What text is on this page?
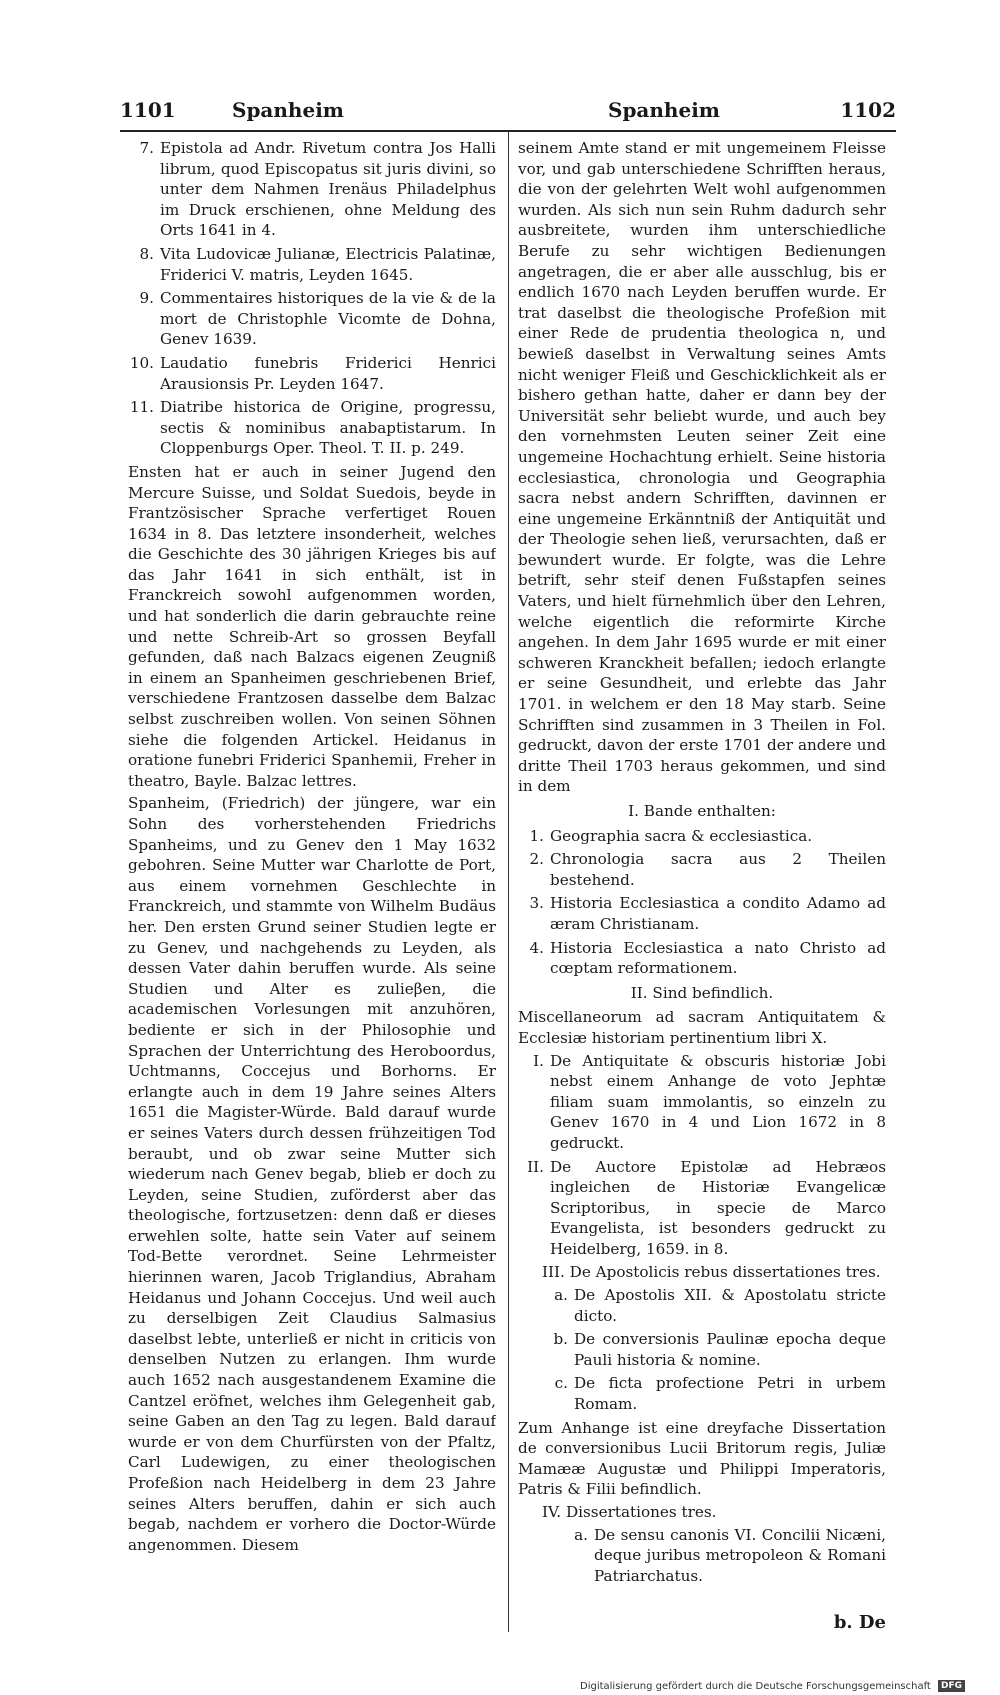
1101	Spanheim	Spanheim	1102
7. Epistola ad Andr. Rivetum contra Jos Halli librum, quod Episcopatus sit juris divini, so unter dem Nahmen Irenäus Philadelphus im Druck erschienen, ohne Meldung des Orts 1641 in 4.
8. Vita Ludovicæ Julianæ, Electricis Palatinæ, Friderici V. matris, Leyden 1645.
9. Commentaires historiques de la vie & de la mort de Christophle Vicomte de Dohna, Genev 1639.
10. Laudatio funebris Friderici Henrici Arausionsis Pr. Leyden 1647.
11. Diatribe historica de Origine, progressu, sectis & nominibus anabaptistarum. In Cloppenburgs Oper. Theol. T. II. p. 249.

Ensten hat er auch in seiner Jugend den Mercure Suisse, und Soldat Suedois, beyde in Frantzösischer Sprache verfertiget Rouen 1634 in 8. Das letztere insonderheit, welches die Geschichte des 30 jährigen Krieges bis auf das Jahr 1641 in sich enthält, ist in Franckreich sowohl aufgenommen worden, und hat sonderlich die darin gebrauchte reine und nette Schreib-Art so grossen Beyfall gefunden, daß nach Balzacs eigenen Zeugniß in einem an Spanheimen geschriebenen Brief, verschiedene Frantzosen dasselbe dem Balzac selbst zuschreiben wollen. Von seinen Söhnen siehe die folgenden Artickel. Heidanus in oratione funebri Friderici Spanhemii, Freher in theatro, Bayle. Balzac lettres.

Spanheim, (Friedrich) der jüngere, war ein Sohn des vorherstehenden Friedrichs Spanheims, und zu Genev den 1 May 1632 gebohren. Seine Mutter war Charlotte de Port, aus einem vornehmen Geschlechte in Franckreich, und stammte von Wilhelm Budäus her. Den ersten Grund seiner Studien legte er zu Genev, und nachgehends zu Leyden, als dessen Vater dahin beruffen wurde. Als seine Studien und Alter es zulieβen, die academischen Vorlesungen mit anzuhören, bediente er sich in der Philosophie und Sprachen der Unterrichtung des Heroboordus, Uchtmanns, Coccejus und Borhorns. Er erlangte auch in dem 19 Jahre seines Alters 1651 die Magister-Würde. Bald darauf wurde er seines Vaters durch dessen frühzeitigen Tod beraubt, und ob zwar seine Mutter sich wiederum nach Genev begab, blieb er doch zu Leyden, seine Studien, zuförderst aber das theologische, fortzusetzen: denn daß er dieses erwehlen solte, hatte sein Vater auf seinem Tod-Bette verordnet. Seine Lehrmeister hierinnen waren, Jacob Triglandius, Abraham Heidanus und Johann Coccejus. Und weil auch zu derselbigen Zeit Claudius Salmasius daselbst lebte, unterließ er nicht in criticis von denselben Nutzen zu erlangen. Ihm wurde auch 1652 nach ausgestandenem Examine die Cantzel eröfnet, welches ihm Gelegenheit gab, seine Gaben an den Tag zu legen. Bald darauf wurde er von dem Churfürsten von der Pfaltz, Carl Ludewigen, zu einer theologischen Profeßion nach Heidelberg in dem 23 Jahre seines Alters beruffen, dahin er sich auch begab, nachdem er vorhero die Doctor-Würde angenommen. Diesem

seinem Amte stand er mit ungemeinem Fleisse vor, und gab unterschiedene Schrifften heraus, die von der gelehrten Welt wohl aufgenommen wurden. Als sich nun sein Ruhm dadurch sehr ausbreitete, wurden ihm unterschiedliche Berufe zu sehr wichtigen Bedienungen angetragen, die er aber alle ausschlug, bis er endlich 1670 nach Leyden beruffen wurde. Er trat daselbst die theologische Profeßion mit einer Rede de prudentia theologica n, und bewieß daselbst in Verwaltung seines Amts nicht weniger Fleiß und Geschicklichkeit als er bishero gethan hatte, daher er dann bey der Universität sehr beliebt wurde, und auch bey den vornehmsten Leuten seiner Zeit eine ungemeine Hochachtung erhielt. Seine historia ecclesiastica, chronologia und Geographia sacra nebst andern Schrifften, davinnen er eine ungemeine Erkänntniß der Antiquität und der Theologie sehen ließ, verursachten, daß er bewundert wurde. Er folgte, was die Lehre betrift, sehr steif denen Fußstapfen seines Vaters, und hielt fürnehmlich über den Lehren, welche eigentlich die reformirte Kirche angehen. In dem Jahr 1695 wurde er mit einer schweren Kranckheit befallen; iedoch erlangte er seine Gesundheit, und erlebte das Jahr 1701. in welchem er den 18 May starb. Seine Schrifften sind zusammen in 3 Theilen in Fol. gedruckt, davon der erste 1701 der andere und dritte Theil 1703 heraus gekommen, und sind in dem

I. Bande enthalten:
1. Geographia sacra & ecclesiastica.
2. Chronologia sacra aus 2 Theilen bestehend.
3. Historia Ecclesiastica a condito Adamo ad æram Christianam.
4. Historia Ecclesiastica a nato Christo ad cœptam reformationem.
II. Sind befindlich.

Miscellaneorum ad sacram Antiquitatem & Ecclesiæ historiam pertinentium libri X.

I. De Antiquitate & obscuris historiæ Jobi nebst einem Anhange de voto Jephtæ filiam suam immolantis, so einzeln zu Genev 1670 in 4 und Lion 1672 in 8 gedruckt.
II. De Auctore Epistolæ ad Hebræos ingleichen de Historiæ Evangelicæ Scriptoribus, in specie de Marco Evangelista, ist besonders gedruckt zu Heidelberg, 1659. in 8.
III. De Apostolicis rebus dissertationes tres.
a. De Apostolis XII. & Apostolatu stricte dicto.
b. De conversionis Paulinæ epocha deque Pauli historia & nomine.
c. De ficta profectione Petri in urbem Romam.

Zum Anhange ist eine dreyfache Dissertation de conversionibus Lucii Britorum regis, Juliæ Mamææ Augustæ und Philippi Imperatoris, Patris & Filii befindlich.

IV. Dissertationes tres.
a. De sensu canonis VI. Concilii Nicæni, deque juribus metropoleon & Romani Patriarchatus.
b. De
Digitalisierung gefördert durch die Deutsche Forschungsgemeinschaft DFG
